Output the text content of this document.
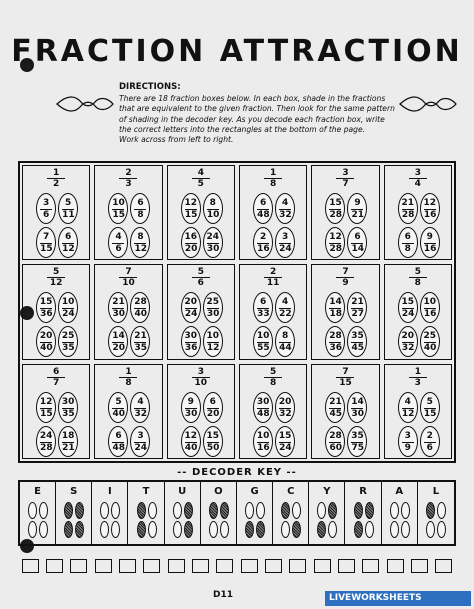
FRACTION ATTRACTION
DIRECTIONS:
There are 18 fraction boxes below. In each box, shade in the fractions
that are equivalent to the given fraction. Then look for the same pattern
of shading in the decoder key. As you decode each fraction box, write
the correct letters into the rectangles at the bottom of the page.
Work across from left to right.
$\frac{1}{2}$
$\frac{3}{6} \frac{5}{11}$
$\frac{7}{15} \frac{6}{12}$
$\frac{2}{3}$
$\frac{10}{15} \frac{6}{8}$
$\frac{4}{6} \frac{8}{12}$
$\frac{4}{5}$
$\frac{12}{15} \frac{8}{10}$
$\frac{16}{20} \frac{24}{30}$
$\frac{1}{8}$
$\frac{6}{48} \frac{4}{32}$
$\frac{2}{16} \frac{3}{24}$
$\frac{3}{7}$
$\frac{15}{28} \frac{9}{21}$
$\frac{12}{28} \frac{6}{14}$
$\frac{3}{4}$
$\frac{21}{28} \frac{12}{16}$
$\frac{6}{8} \frac{9}{16}$
$\frac{5}{12}$
$\frac{15}{36} \frac{10}{24}$
$\frac{20}{40} \frac{25}{35}$
$\frac{7}{10}$
$\frac{21}{30} \frac{28}{40}$
$\frac{14}{20} \frac{21}{35}$
$\frac{5}{6}$
$\frac{20}{24} \frac{25}{30}$
$\frac{30}{36} \frac{10}{12}$
$\frac{2}{11}$
$\frac{6}{33} \frac{4}{22}$
$\frac{10}{55} \frac{8}{44}$
$\frac{7}{9}$
$\frac{14}{18} \frac{21}{27}$
$\frac{28}{36} \frac{35}{45}$
$\frac{5}{8}$
$\frac{15}{24} \frac{10}{16}$
$\frac{20}{32} \frac{25}{40}$
$\frac{6}{7}$
$\frac{12}{15} \frac{30}{35}$
$\frac{24}{28} \frac{18}{21}$
$\frac{1}{8}$
$\frac{5}{40} \frac{4}{32}$
$\frac{6}{48} \frac{3}{24}$
$\frac{3}{10}$
$\frac{9}{30} \frac{6}{20}$
$\frac{12}{40} \frac{15}{50}$
$\frac{5}{8}$
$\frac{30}{48} \frac{20}{32}$
$\frac{10}{16} \frac{15}{24}$
$\frac{7}{15}$
$\frac{21}{45} \frac{14}{30}$
$\frac{28}{60} \frac{35}{75}$
$\frac{1}{3}$
$\frac{4}{12} \frac{5}{15}$
$\frac{3}{9} \frac{2}{6}$
-- DECODER KEY --
E	S	I	T	U	O	G	C	Y	R	A	L
D11	LIVEWORKSHEETS
